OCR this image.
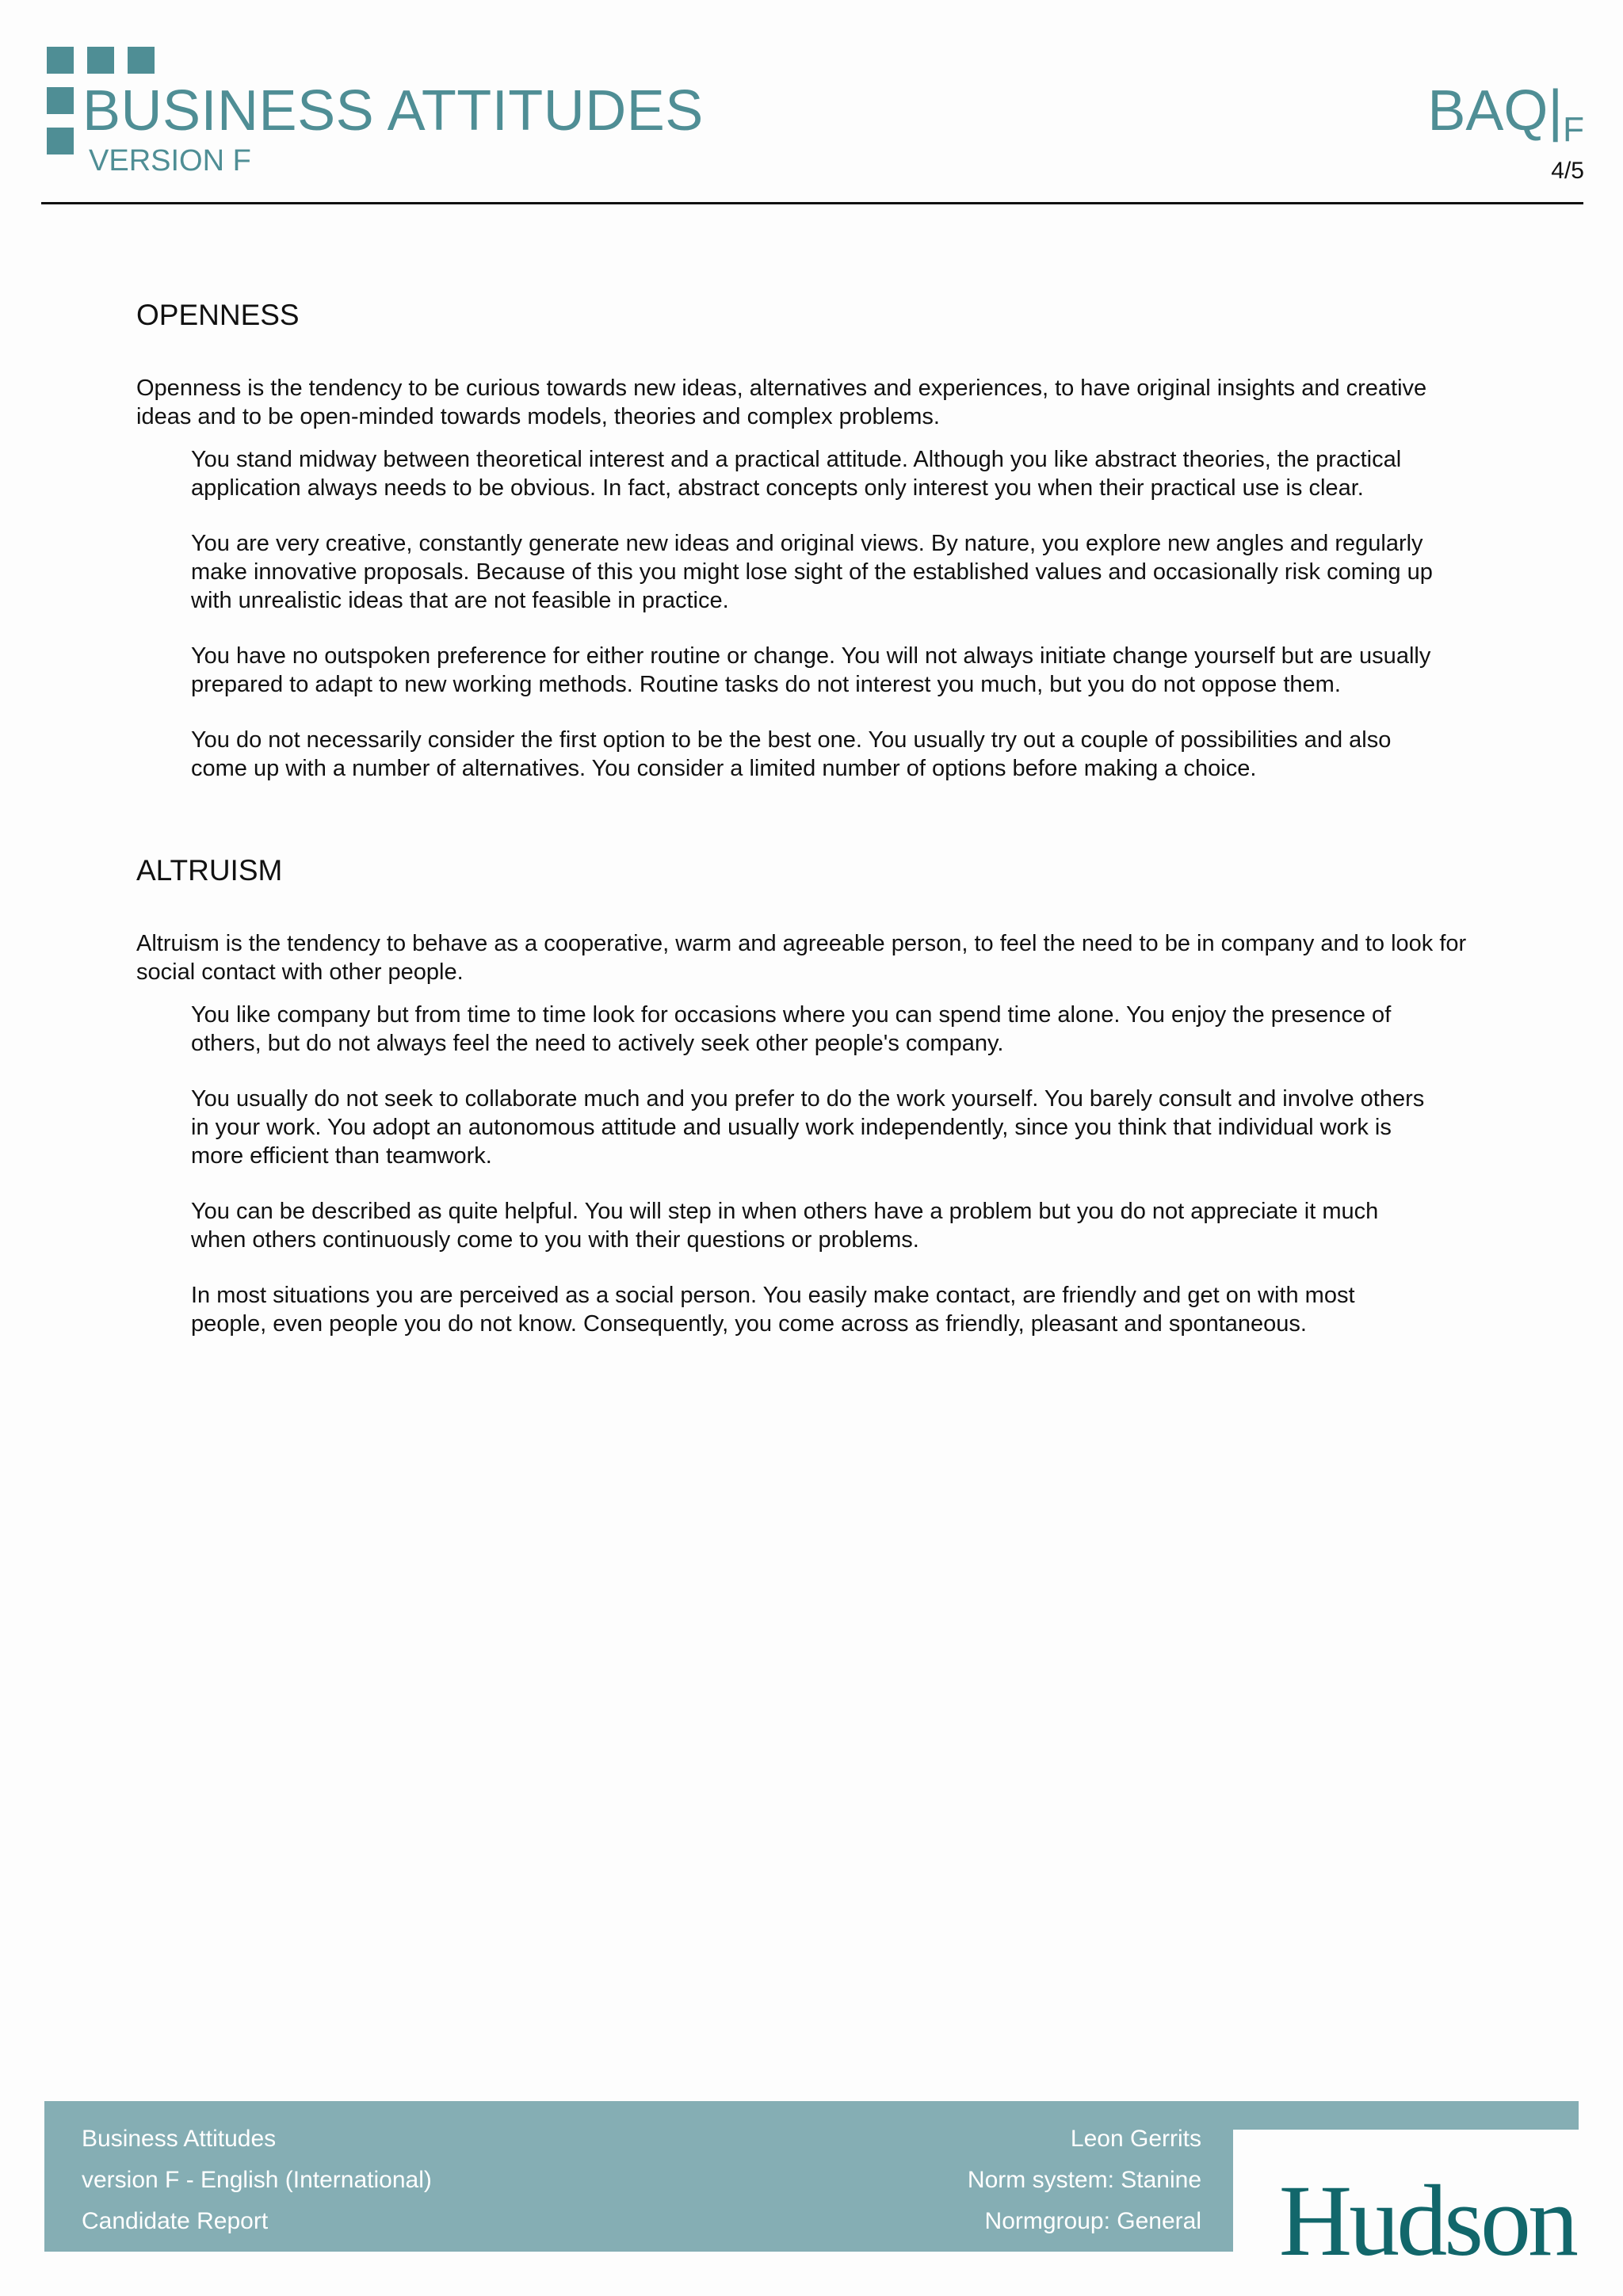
BUSINESS ATTITUDES
VERSION F
BAQ|F
4/5
OPENNESS

Openness is the tendency to be curious towards new ideas, alternatives and experiences, to have original insights and creative ideas and to be open-minded towards models, theories and complex problems.

You stand midway between theoretical interest and a practical attitude. Although you like abstract theories, the practical application always needs to be obvious. In fact, abstract concepts only interest you when their practical use is clear.

You are very creative, constantly generate new ideas and original views. By nature, you explore new angles and regularly make innovative proposals. Because of this you might lose sight of the established values and occasionally risk coming up with unrealistic ideas that are not feasible in practice.

You have no outspoken preference for either routine or change. You will not always initiate change yourself but are usually prepared to adapt to new working methods. Routine tasks do not interest you much, but you do not oppose them.

You do not necessarily consider the first option to be the best one. You usually try out a couple of possibilities and also come up with a number of alternatives. You consider a limited number of options before making a choice.

ALTRUISM

Altruism is the tendency to behave as a cooperative, warm and agreeable person, to feel the need to be in company and to look for social contact with other people.

You like company but from time to time look for occasions where you can spend time alone. You enjoy the presence of others, but do not always feel the need to actively seek other people's company.

You usually do not seek to collaborate much and you prefer to do the work yourself. You barely consult and involve others in your work. You adopt an autonomous attitude and usually work independently, since you think that individual work is more efficient than teamwork.

You can be described as quite helpful. You will step in when others have a problem but you do not appreciate it much when others continuously come to you with their questions or problems.

In most situations you are perceived as a social person. You easily make contact, are friendly and get on with most people, even people you do not know. Consequently, you come across as friendly, pleasant and spontaneous.

Business Attitudes
version F - English (International)
Candidate Report
Leon Gerrits
Norm system: Stanine
Normgroup: General Hudson
